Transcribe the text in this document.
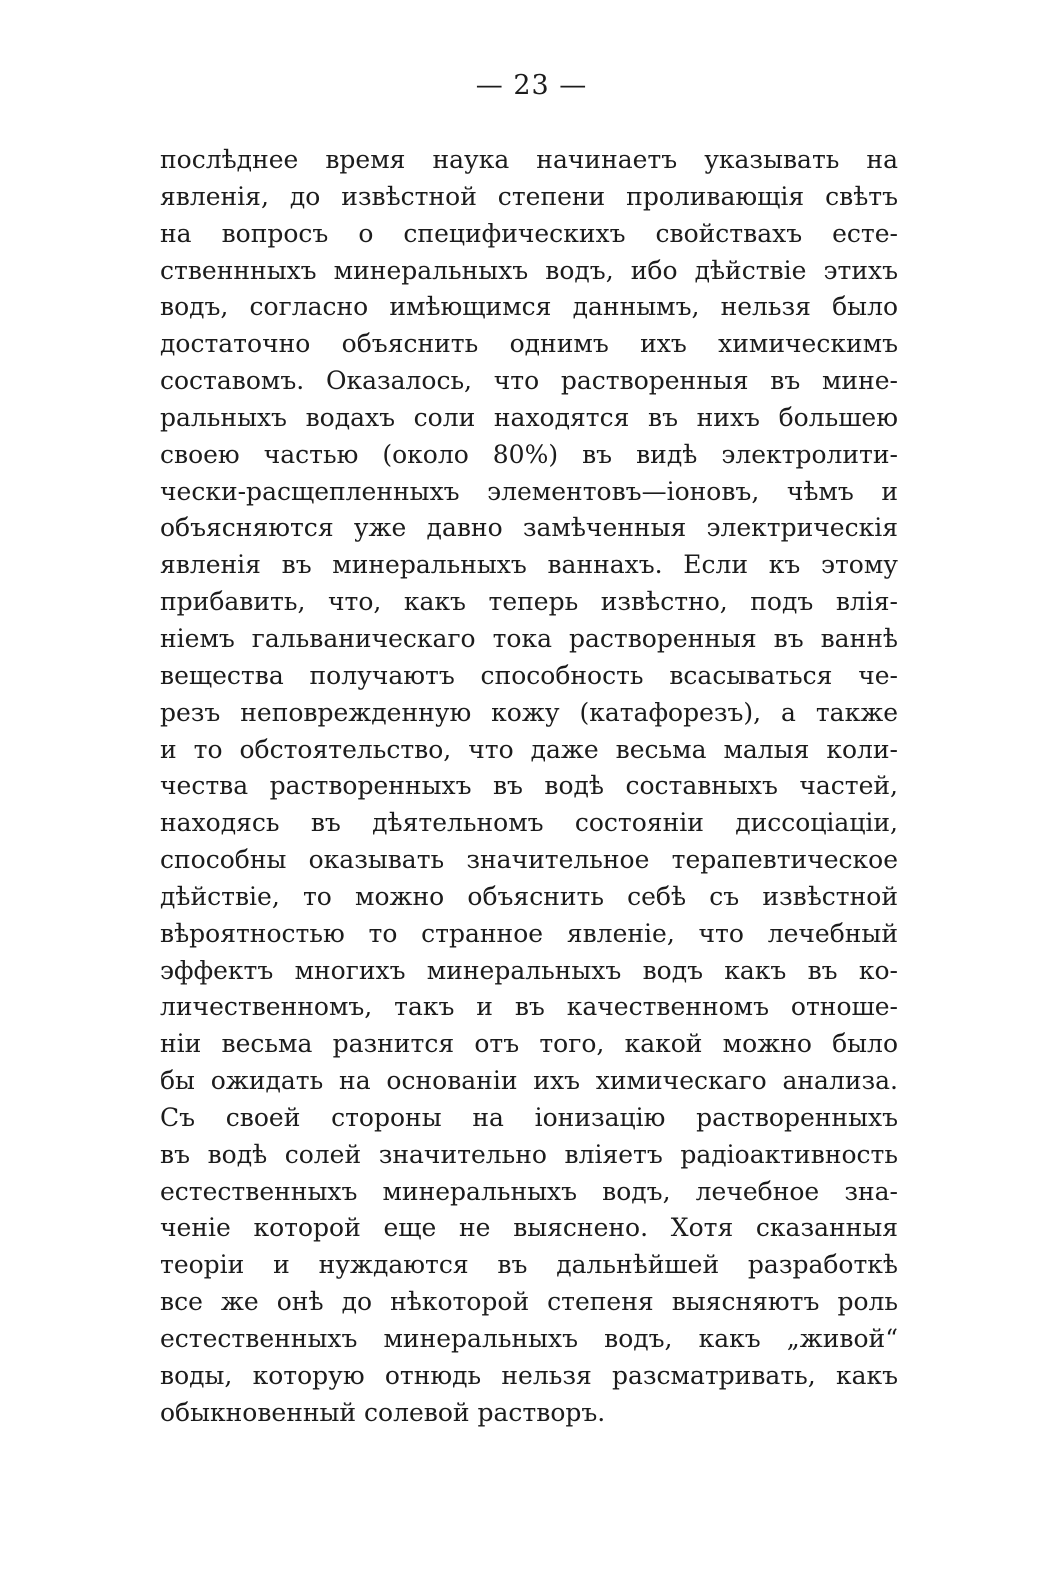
— 23 —
послѣднее время наука начинаетъ указывать на
явленія, до извѣстной степени проливающія свѣтъ
на вопросъ о специфическихъ свойствахъ есте-
ственнныхъ минеральныхъ водъ, ибо дѣйствіе этихъ
водъ, согласно имѣющимся даннымъ, нельзя было
достаточно объяснить однимъ ихъ химическимъ
составомъ. Оказалось, что растворенныя въ мине-
ральныхъ водахъ соли находятся въ нихъ большею
своею частью (около 80%) въ видѣ электролити-
чески-расщепленныхъ элементовъ—іоновъ, чѣмъ и
объясняются уже давно замѣченныя электрическія
явленія въ минеральныхъ ваннахъ. Если къ этому
прибавить, что, какъ теперь извѣстно, подъ влія-
ніемъ гальваническаго тока растворенныя въ ваннѣ
вещества получаютъ способность всасываться че-
резъ неповрежденную кожу (катафорезъ), а также
и то обстоятельство, что даже весьма малыя коли-
чества растворенныхъ въ водѣ составныхъ частей,
находясь въ дѣятельномъ состояніи диссоціаціи,
способны оказывать значительное терапевтическое
дѣйствіе, то можно объяснить себѣ съ извѣстной
вѣроятностью то странное явленіе, что лечебный
эффектъ многихъ минеральныхъ водъ какъ въ ко-
личественномъ, такъ и въ качественномъ отноше-
ніи весьма разнится отъ того, какой можно было
бы ожидать на основаніи ихъ химическаго анализа.
Съ своей стороны на іонизацію растворенныхъ
въ водѣ солей значительно вліяетъ радіоактивность
естественныхъ минеральныхъ водъ, лечебное зна-
ченіе которой еще не выяснено. Хотя сказанныя
теоріи и нуждаются въ дальнѣйшей разработкѣ
все же онѣ до нѣкоторой степеня выясняютъ роль
естественныхъ минеральныхъ водъ, какъ „живой“
воды, которую отнюдь нельзя разсматривать, какъ
обыкновенный солевой растворъ.
